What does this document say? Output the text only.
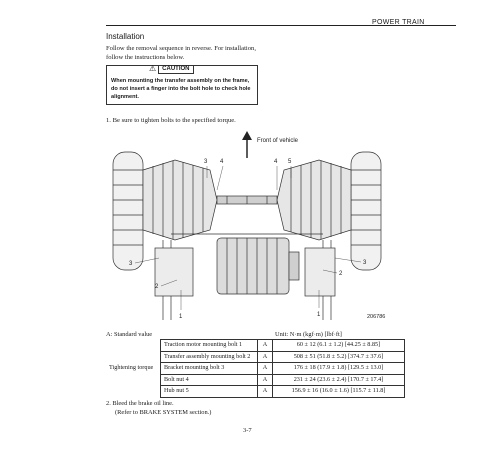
POWER TRAIN
Installation
Follow the removal sequence in reverse. For installation,
follow the instructions below.
⚠	CAUTION
When mounting the transfer assembly on the frame,
do not insert a finger into the bolt hole to check hole
alignment.
1. Be sure to tighten bolts to the specified torque.
Front of vehicle
3 4	4 5
3	3
2
2
1	1	206786
A: Standard value	Unit: N·m (kgf·m) [lbf·ft]
	Traction motor mounting bolt 1	A	60 ± 12 (6.1 ± 1.2) [44.25 ± 8.85]
	Transfer assembly mounting bolt 2	A	508 ± 51 (51.8 ± 5.2) [374.7 ± 37.6]
Tightening torque	Bracket mounting bolt 3	A	176 ± 18 (17.9 ± 1.8) [129.5 ± 13.0]
	Bolt nut 4	A	231 ± 24 (23.6 ± 2.4) [170.7 ± 17.4]
	Hub nut 5	A	156.9 ± 16 (16.0 ± 1.6) [115.7 ± 11.8]
2. Bleed the brake oil line.
(Refer to BRAKE SYSTEM section.)
3-7
